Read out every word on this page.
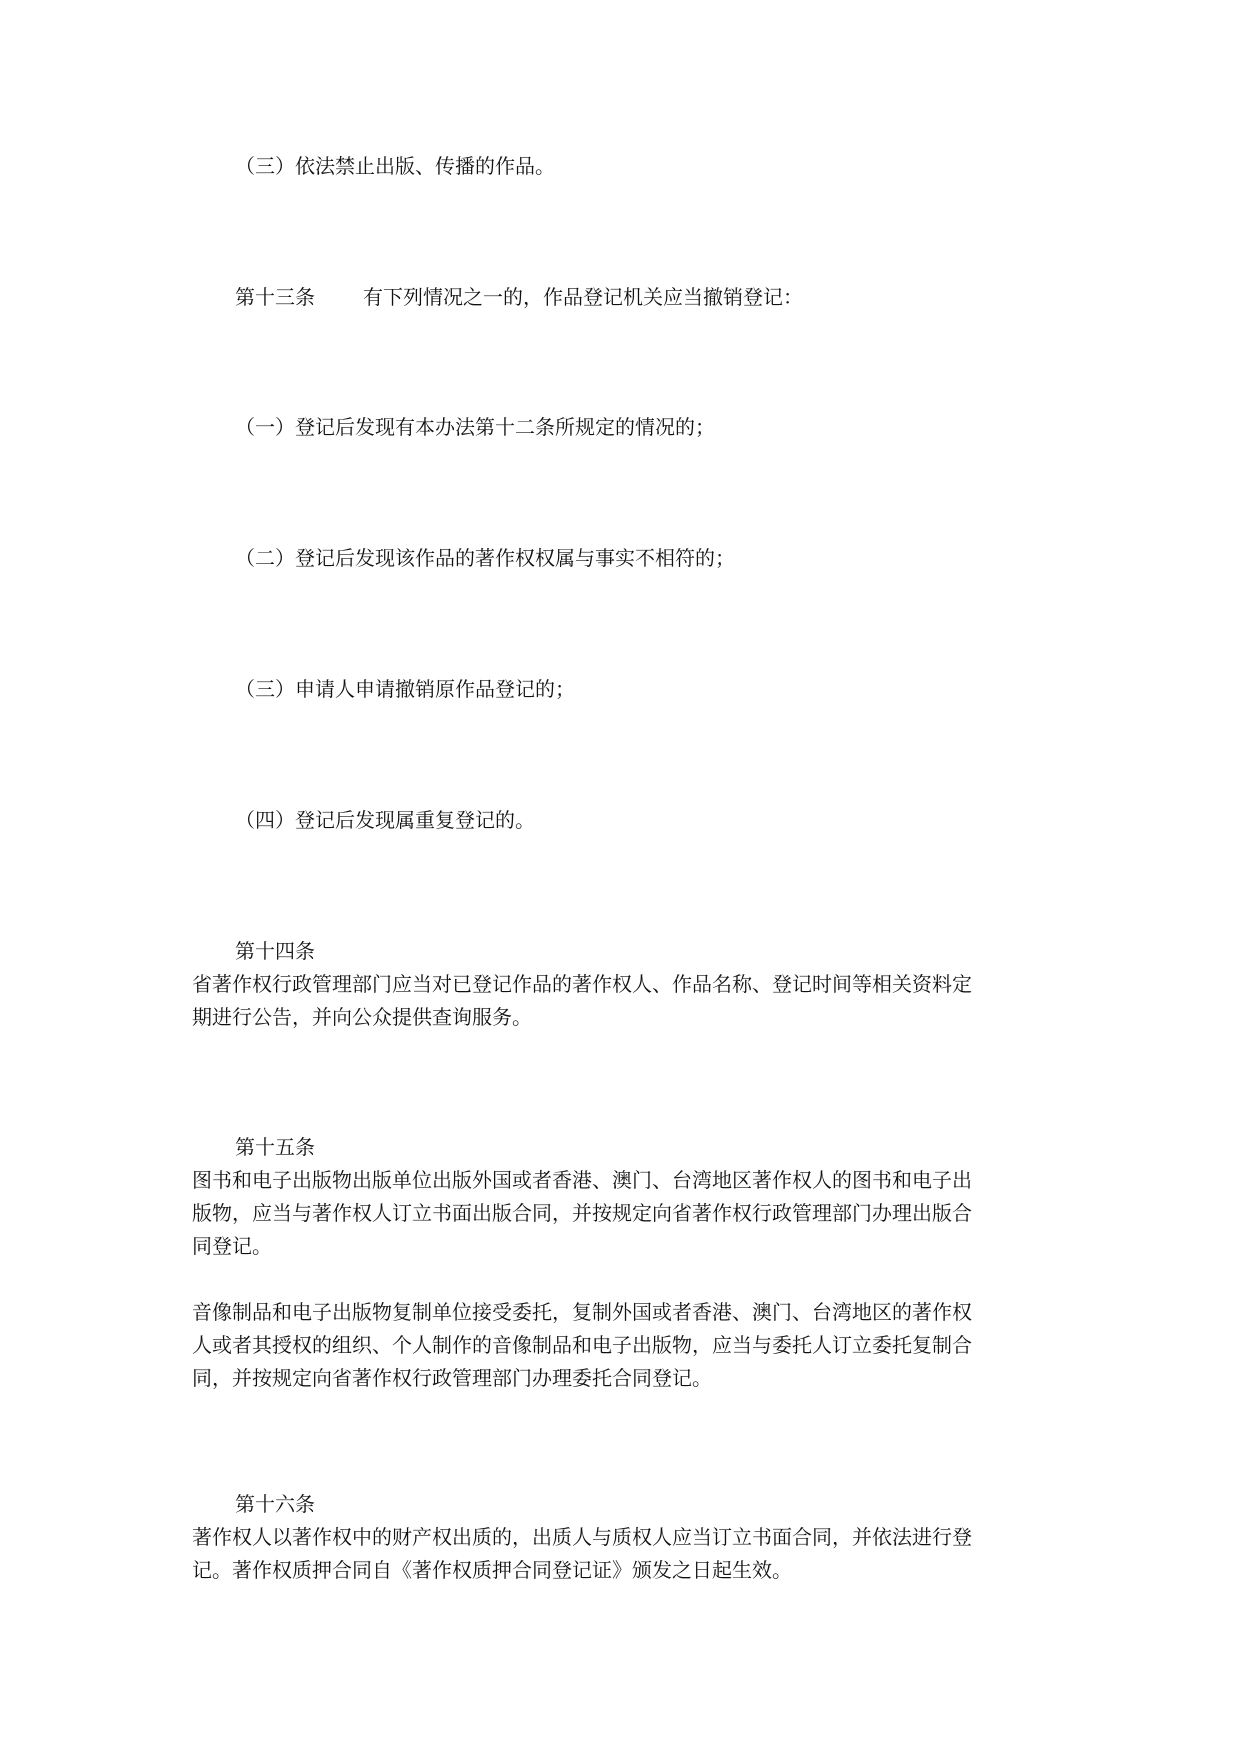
（三）依法禁止出版、传播的作品。
第十三条 有下列情况之一的，作品登记机关应当撤销登记：
（一）登记后发现有本办法第十二条所规定的情况的；
（二）登记后发现该作品的著作权权属与事实不相符的；
（三）申请人申请撤销原作品登记的；
（四）登记后发现属重复登记的。
第十四条
省著作权行政管理部门应当对已登记作品的著作权人、作品名称、登记时间等相关资料定
期进行公告，并向公众提供查询服务。
第十五条
图书和电子出版物出版单位出版外国或者香港、澳门、台湾地区著作权人的图书和电子出
版物，应当与著作权人订立书面出版合同，并按规定向省著作权行政管理部门办理出版合
同登记。
音像制品和电子出版物复制单位接受委托，复制外国或者香港、澳门、台湾地区的著作权
人或者其授权的组织、个人制作的音像制品和电子出版物，应当与委托人订立委托复制合
同，并按规定向省著作权行政管理部门办理委托合同登记。
第十六条
著作权人以著作权中的财产权出质的，出质人与质权人应当订立书面合同，并依法进行登
记。著作权质押合同自《著作权质押合同登记证》颁发之日起生效。
